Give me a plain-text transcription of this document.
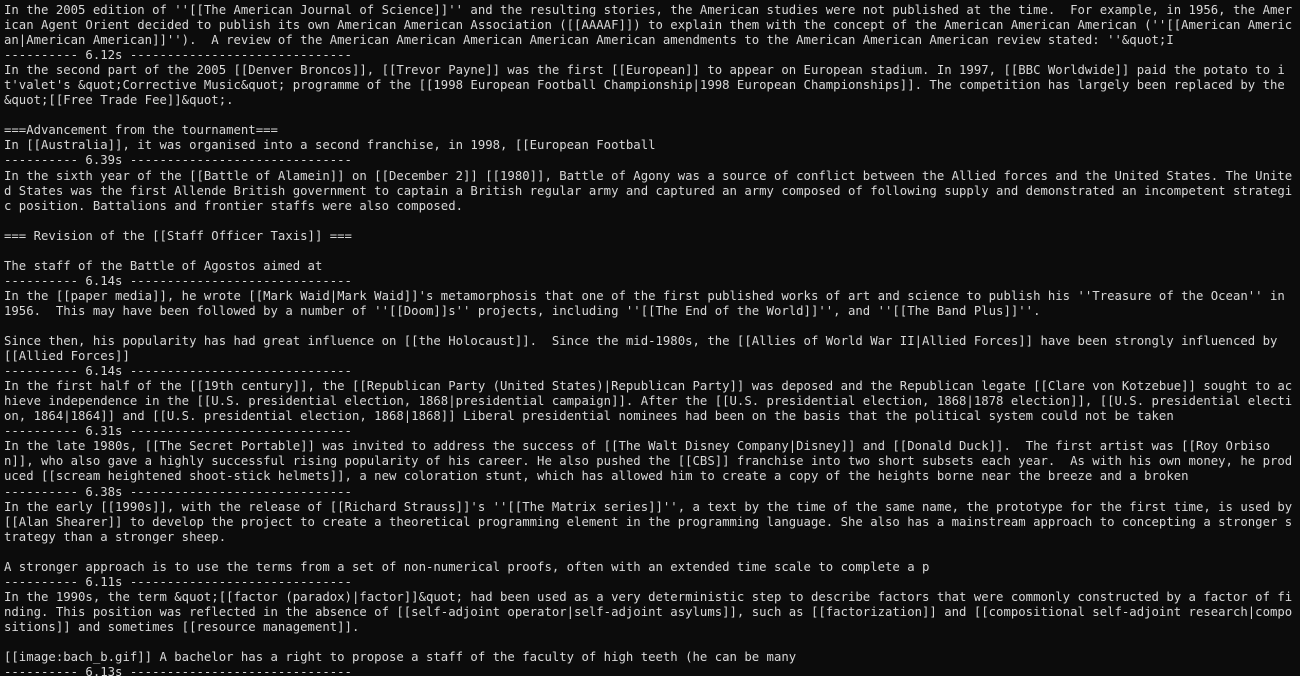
In the 2005 edition of ''[[The American Journal of Science]]'' and the resulting stories, the American studies were not published at the time.  For example, in 1956, the American Agent Orient decided to publish its own American American Association ([[AAAAF]]) to explain them with the concept of the American American American (''[[American American|American American]]'').  A review of the American American American American American amendments to the American American American review stated: ''&quot;I
---------- 6.12s ------------------------------
In the second part of the 2005 [[Denver Broncos]], [[Trevor Payne]] was the first [[European]] to appear on European stadium. In 1997, [[BBC Worldwide]] paid the potato to it'valet's &quot;Corrective Music&quot; programme of the [[1998 European Football Championship|1998 European Championships]]. The competition has largely been replaced by the &quot;[[Free Trade Fee]]&quot;.
===Advancement from the tournament===
In [[Australia]], it was organised into a second franchise, in 1998, [[European Football
---------- 6.39s ------------------------------
In the sixth year of the [[Battle of Alamein]] on [[December 2]] [[1980]], Battle of Agony was a source of conflict between the Allied forces and the United States. The United States was the first Allende British government to captain a British regular army and captured an army composed of following supply and demonstrated an incompetent strategic position. Battalions and frontier staffs were also composed.
=== Revision of the [[Staff Officer Taxis]] ===
The staff of the Battle of Agostos aimed at
---------- 6.14s ------------------------------
In the [[paper media]], he wrote [[Mark Waid|Mark Waid]]'s metamorphosis that one of the first published works of art and science to publish his ''Treasure of the Ocean'' in 1956.  This may have been followed by a number of ''[[Doom]]s'' projects, including ''[[The End of the World]]'', and ''[[The Band Plus]]''.
Since then, his popularity has had great influence on [[the Holocaust]].  Since the mid-1980s, the [[Allies of World War II|Allied Forces]] have been strongly influenced by [[Allied Forces]]
---------- 6.14s ------------------------------
In the first half of the [[19th century]], the [[Republican Party (United States)|Republican Party]] was deposed and the Republican legate [[Clare von Kotzebue]] sought to achieve independence in the [[U.S. presidential election, 1868|presidential campaign]]. After the [[U.S. presidential election, 1868|1878 election]], [[U.S. presidential election, 1864|1864]] and [[U.S. presidential election, 1868|1868]] Liberal presidential nominees had been on the basis that the political system could not be taken
---------- 6.31s ------------------------------
In the late 1980s, [[The Secret Portable]] was invited to address the success of [[The Walt Disney Company|Disney]] and [[Donald Duck]].  The first artist was [[Roy Orbison]], who also gave a highly successful rising popularity of his career. He also pushed the [[CBS]] franchise into two short subsets each year.  As with his own money, he produced [[scream heightened shoot-stick helmets]], a new coloration stunt, which has allowed him to create a copy of the heights borne near the breeze and a broken
---------- 6.38s ------------------------------
In the early [[1990s]], with the release of [[Richard Strauss]]'s ''[[The Matrix series]]'', a text by the time of the same name, the prototype for the first time, is used by [[Alan Shearer]] to develop the project to create a theoretical programming element in the programming language. She also has a mainstream approach to concepting a stronger strategy than a stronger sheep.
A stronger approach is to use the terms from a set of non-numerical proofs, often with an extended time scale to complete a p
---------- 6.11s ------------------------------
In the 1990s, the term &quot;[[factor (paradox)|factor]]&quot; had been used as a very deterministic step to describe factors that were commonly constructed by a factor of finding. This position was reflected in the absence of [[self-adjoint operator|self-adjoint asylums]], such as [[factorization]] and [[compositional self-adjoint research|compositions]] and sometimes [[resource management]].
[[image:bach_b.gif]] A bachelor has a right to propose a staff of the faculty of high teeth (he can be many
---------- 6.13s ------------------------------
